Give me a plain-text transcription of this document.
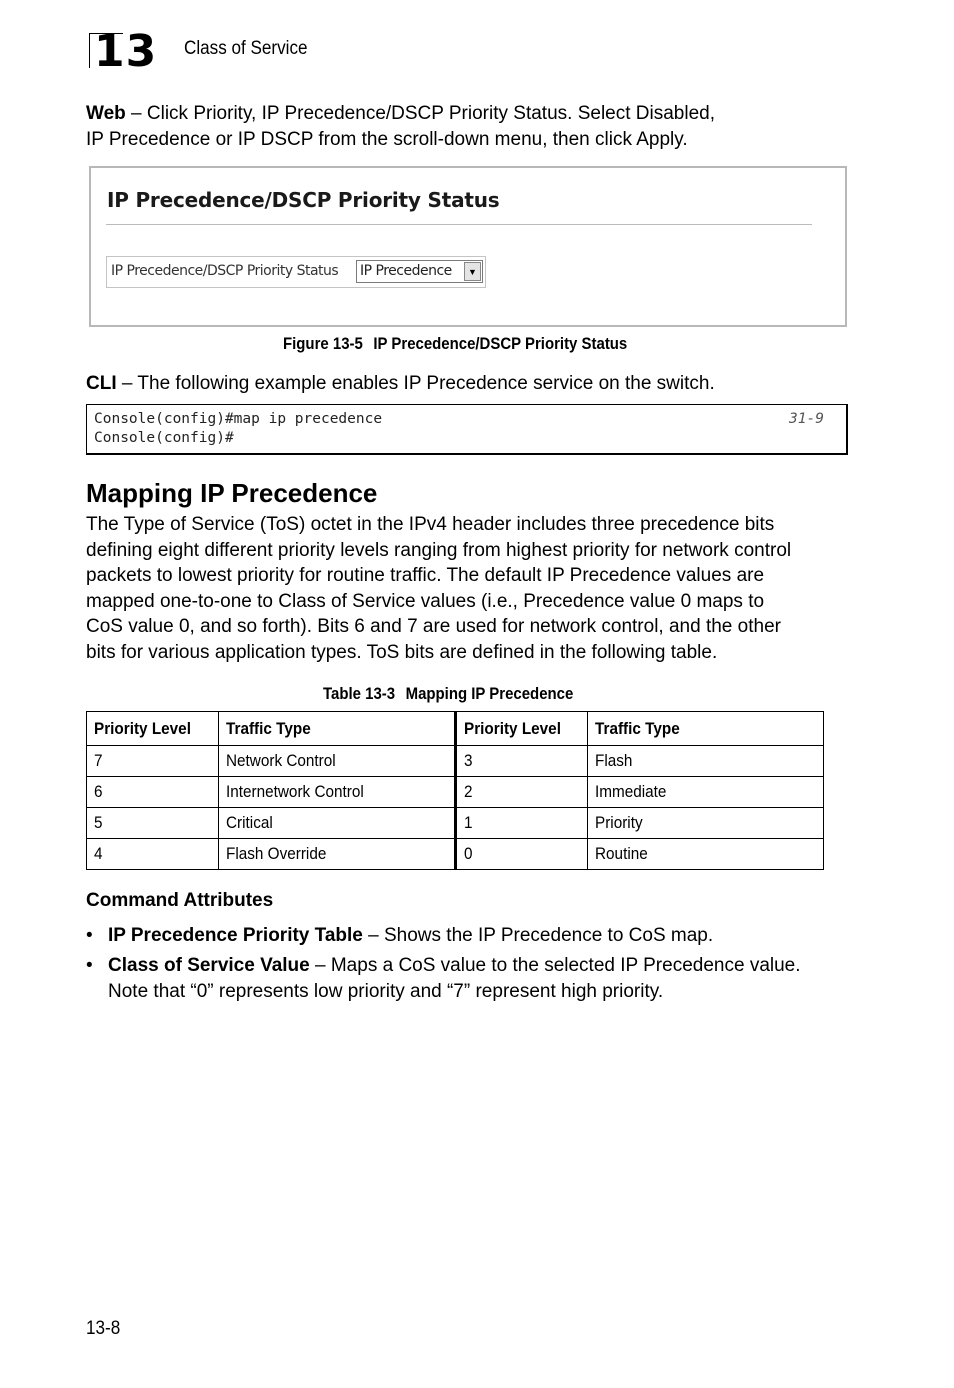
13 Class of Service

Web – Click Priority, IP Precedence/DSCP Priority Status. Select Disabled,

IP Precedence or IP DSCP from the scroll-down menu, then click Apply.

IP Precedence/DSCP Priority Status
IP Precedence/DSCP Priority Status IP Precedence	▼
Figure 13-5 IP Precedence/DSCP Priority Status

CLI – The following example enables IP Precedence service on the switch.

Console(config)#map ip precedence	31-9
Console(config)#
Mapping IP Precedence

The Type of Service (ToS) octet in the IPv4 header includes three precedence bits

defining eight different priority levels ranging from highest priority for network control

packets to lowest priority for routine traffic. The default IP Precedence values are

mapped one-to-one to Class of Service values (i.e., Precedence value 0 maps to

CoS value 0, and so forth). Bits 6 and 7 are used for network control, and the other

bits for various application types. ToS bits are defined in the following table.

Table 13-3 Mapping IP Precedence
Priority Level	Traffic Type	Priority Level	Traffic Type
7	Network Control	3	Flash
6	Internetwork Control	2	Immediate
5	Critical	1	Priority
4	Flash Override	0	Routine
Command Attributes
• IP Precedence Priority Table – Shows the IP Precedence to CoS map.
• Class of Service Value – Maps a CoS value to the selected IP Precedence value.
Note that “0” represents low priority and “7” represent high priority.
13-8
